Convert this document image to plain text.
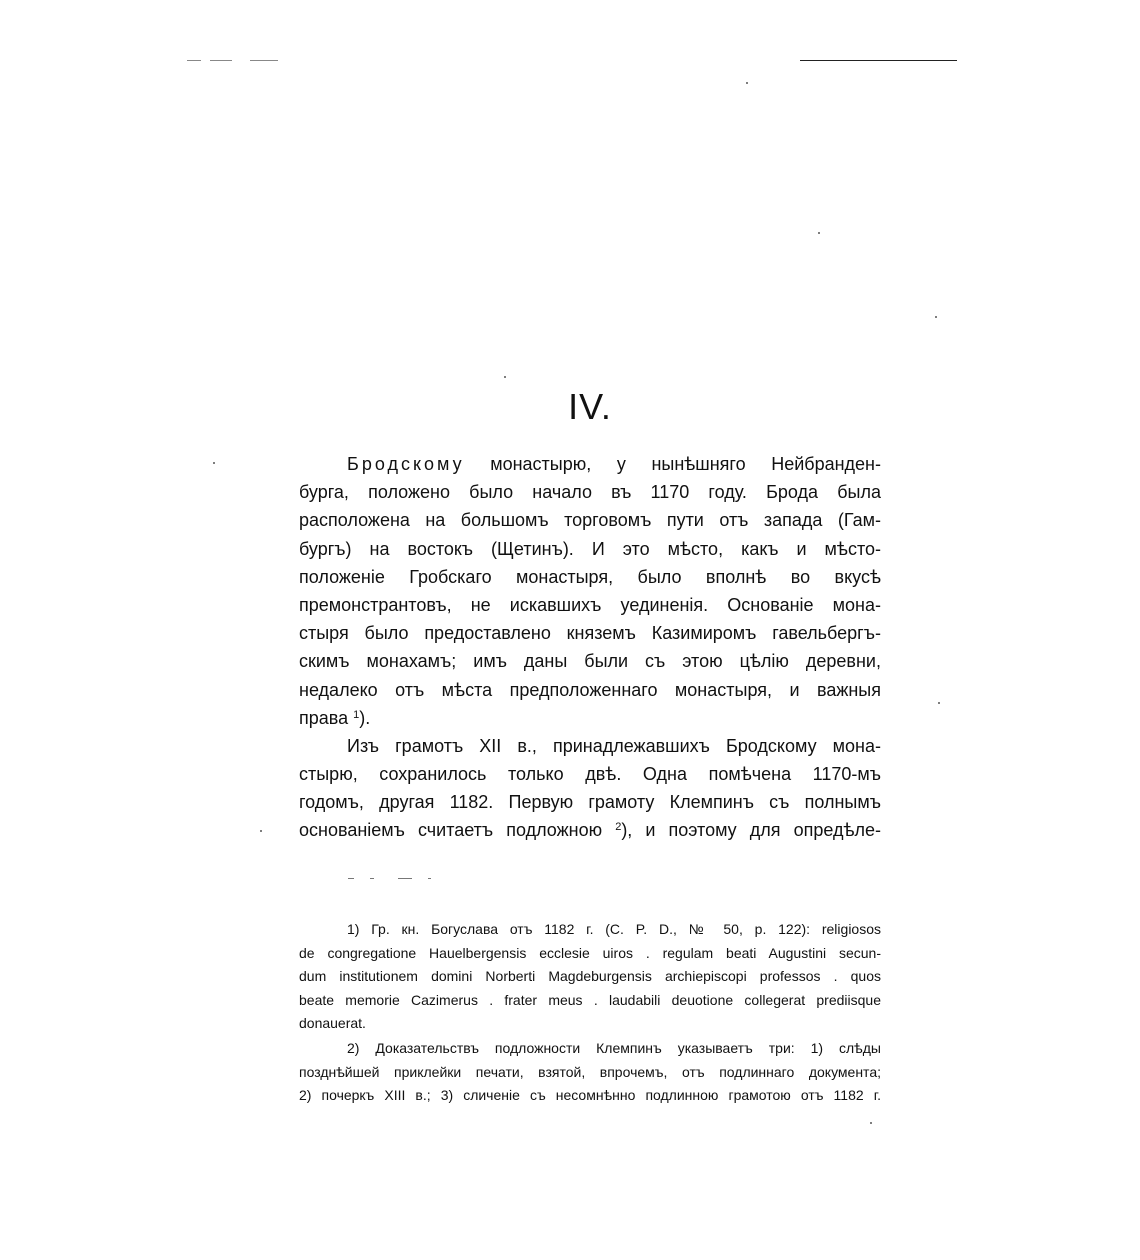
IV.
Бродскому монастырю, у нынѣшняго Нейбранден-
бурга, положено было начало въ 1170 году. Брода была
расположена на большомъ торговомъ пути отъ запада (Гам-
бургъ) на востокъ (Щетинъ). И это мѣсто, какъ и мѣсто-
положеніе Гробскаго монастыря, было вполнѣ во вкусѣ
премонстрантовъ, не искавшихъ уединенія. Основаніе мона-
стыря было предоставлено княземъ Казимиромъ гавельбергъ-
скимъ монахамъ; имъ даны были съ этою цѣлію деревни,
недалеко отъ мѣста предположеннаго монастыря, и важныя
права $^1$).
Изъ грамотъ XII в., принадлежавшихъ Бродскому мона-
стырю, сохранилось только двѣ. Одна помѣчена 1170-мъ
годомъ, другая 1182. Первую грамоту Клемпинъ съ полнымъ
основаніемъ считаетъ подложною $^2$), и поэтому для опредѣле-
1) Гр. кн. Богуслава отъ 1182 г. (C. P. D., № 50, p. 122): religiosos
de congregatione Hauelbergensis ecclesie uiros . regulam beati Augustini secun-
dum institutionem domini Norberti Magdeburgensis archiepiscopi professos . quos
beate memorie Cazimerus . frater meus . laudabili deuotione collegerat prediisque
donauerat.
2) Доказательствъ подложности Клемпинъ указываетъ три: 1) слѣды
позднѣйшей приклейки печати, взятой, впрочемъ, отъ подлиннаго документа;
2) почеркъ XIII в.; 3) сличеніе съ несомнѣнно подлинною грамотою отъ 1182 г.
